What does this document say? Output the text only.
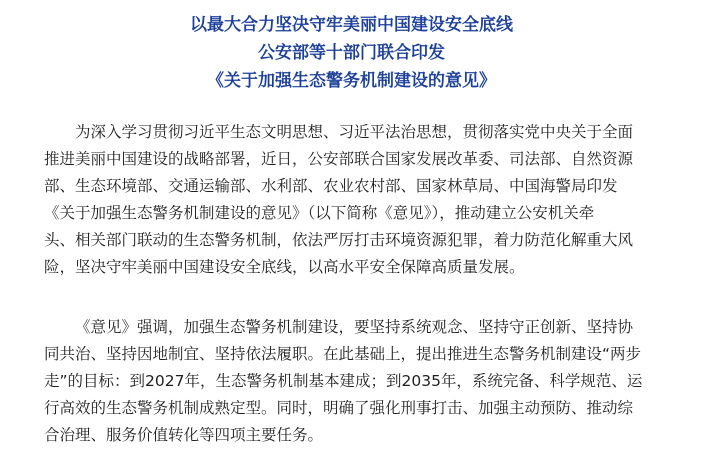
以最大合力坚决守牢美丽中国建设安全底线
公安部等十部门联合印发
《关于加强生态警务机制建设的意见》

为深入学习贯彻习近平生态文明思想、习近平法治思想，贯彻落实党中央关于全面
推进美丽中国建设的战略部署，近日，公安部联合国家发展改革委、司法部、自然资源
部、生态环境部、交通运输部、水利部、农业农村部、国家林草局、中国海警局印发
《关于加强生态警务机制建设的意见》（以下简称《意见》），推动建立公安机关牵
头、相关部门联动的生态警务机制，依法严厉打击环境资源犯罪，着力防范化解重大风
险，坚决守牢美丽中国建设安全底线，以高水平安全保障高质量发展。

《意见》强调，加强生态警务机制建设，要坚持系统观念、坚持守正创新、坚持协
同共治、坚持因地制宜、坚持依法履职。在此基础上，提出推进生态警务机制建设“两步
走”的目标：到2027年，生态警务机制基本建成；到2035年，系统完备、科学规范、运
行高效的生态警务机制成熟定型。同时，明确了强化刑事打击、加强主动预防、推动综
合治理、服务价值转化等四项主要任务。
